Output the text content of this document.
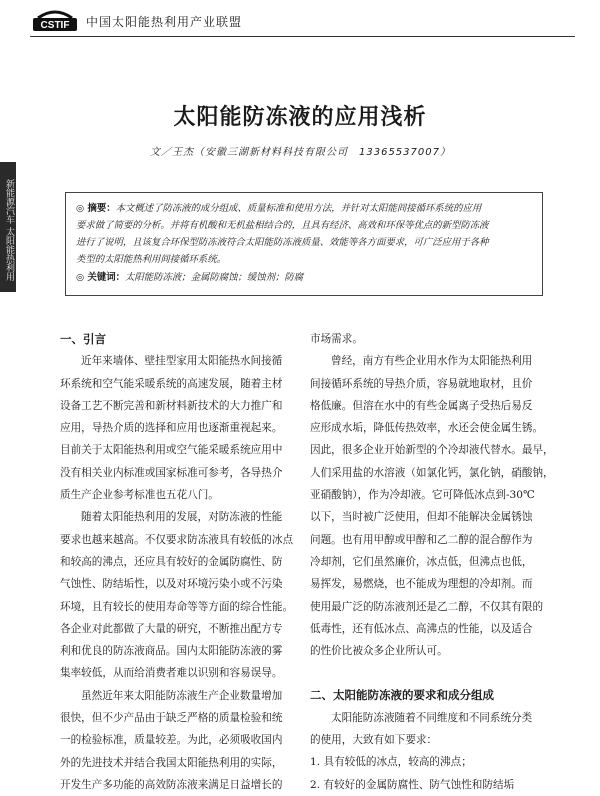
CSTIF 中国太阳能热利用产业联盟
新能源汽车 太阳能热利用
太阳能防冻液的应用浅析
文／王杰（安徽三湖新材料科技有限公司　13365537007）
◎ 摘要：本文概述了防冻液的成分组成、质量标准和使用方法，并针对太阳能间接循环系统的应用
要求做了简要的分析。并将有机酸和无机盐相结合的，且具有经济、高效和环保等优点的新型防冻液
进行了说明，且该复合环保型防冻液符合太阳能防冻液质量、效能等各方面要求，可广泛应用于各种
类型的太阳能热利用间接循环系统。
◎ 关键词：太阳能防冻液；金属防腐蚀；缓蚀剂；防腐
一、引言
近年来墙体、壁挂型家用太阳能热水间接循
环系统和空气能采暖系统的高速发展，随着主材
设备工艺不断完善和新材料新技术的大力推广和
应用，导热介质的选择和应用也逐渐重视起来。
目前关于太阳能热利用或空气能采暖系统应用中
没有相关业内标准或国家标准可参考，各导热介
质生产企业参考标准也五花八门。
随着太阳能热利用的发展，对防冻液的性能
要求也越来越高。不仅要求防冻液具有较低的冰点
和较高的沸点，还应具有较好的金属防腐性、防
气蚀性、防结垢性，以及对环境污染小或不污染
环境，且有较长的使用寿命等等方面的综合性能。
各企业对此都做了大量的研究，不断推出配方专
利和优良的防冻液商品。国内太阳能防冻液的雾
集率较低，从而给消费者难以识别和容易误导。
虽然近年来太阳能防冻液生产企业数量增加
很快，但不少产品由于缺乏严格的质量检验和统
一的检验标准，质量较差。为此，必须吸收国内
外的先进技术并结合我国太阳能热利用的实际，
开发生产多功能的高效防冻液来满足日益增长的
市场需求。
曾经，南方有些企业用水作为太阳能热利用
间接循环系统的导热介质，容易就地取材，且价
格低廉。但溶在水中的有些金属离子受热后易反
应形成水垢，降低传热效率，水还会使金属生锈。
因此，很多企业开始新型的个冷却液代替水。最早，
人们采用盐的水溶液（如氯化钙，氯化钠，硝酸钠，
亚硝酸钠），作为冷却液。它可降低冰点到-30℃
以下，当时被广泛使用，但却不能解决金属锈蚀
问题。也有用甲醇或甲醇和乙二醇的混合醇作为
冷却剂，它们虽然廉价，冰点低，但沸点也低，
易挥发，易燃烧，也不能成为理想的冷却剂。而
使用最广泛的防冻液剂还是乙二醇，不仅其有限的
低毒性，还有低冰点、高沸点的性能，以及适合
的性价比被众多企业所认可。
二、太阳能防冻液的要求和成分组成
太阳能防冻液随着不同维度和不同系统分类
的使用，大致有如下要求：
1. 具有较低的冰点，较高的沸点；
2. 有较好的金属防腐性、防气蚀性和防结垢
